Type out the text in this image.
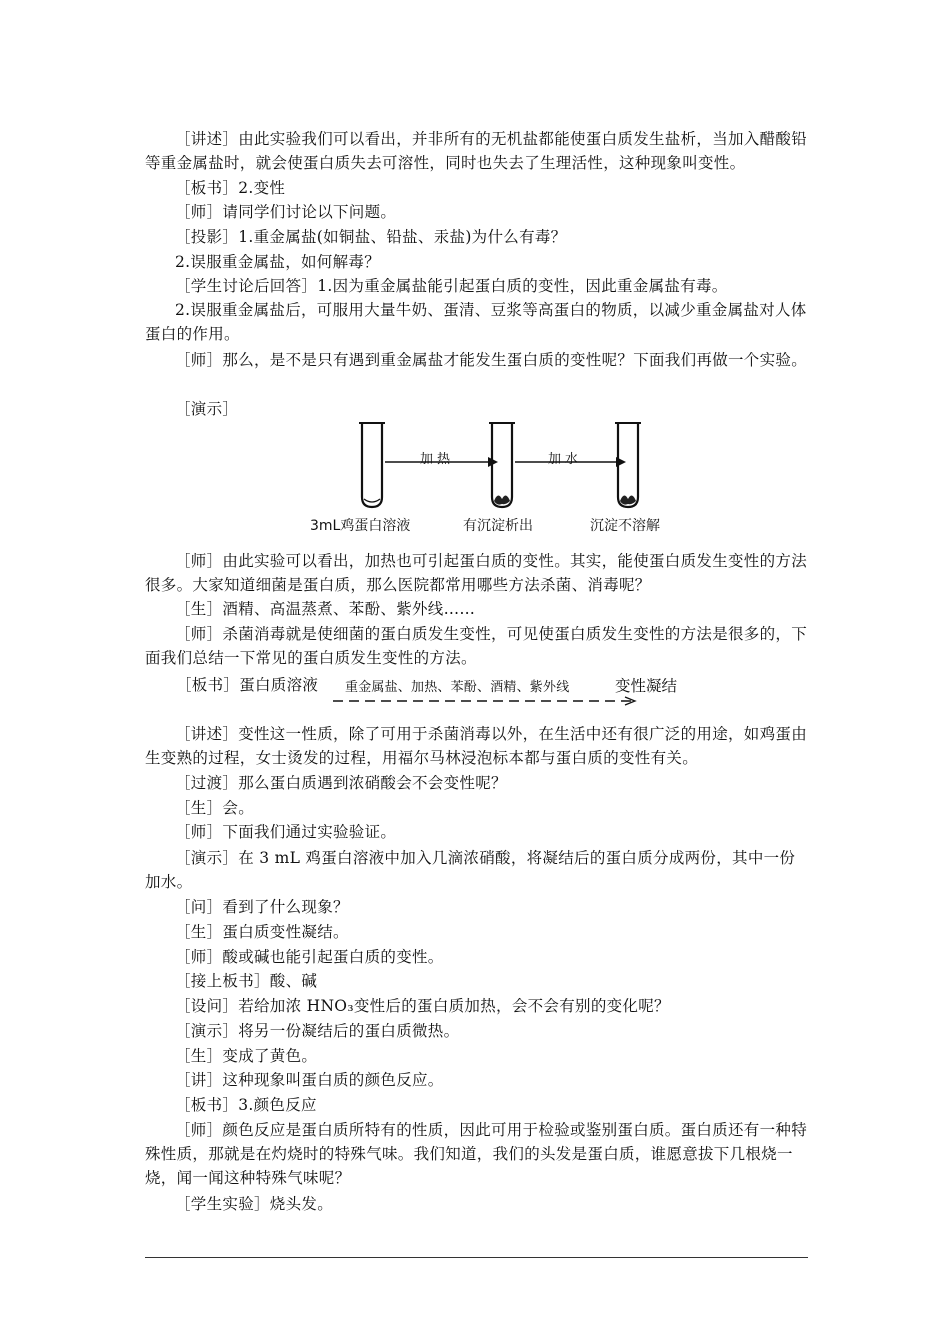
［讲述］由此实验我们可以看出，并非所有的无机盐都能使蛋白质发生盐析，当加入醋酸铅等重金属盐时，就会使蛋白质失去可溶性，同时也失去了生理活性，这种现象叫变性。

［板书］2.变性

［师］请同学们讨论以下问题。

［投影］1.重金属盐(如铜盐、铅盐、汞盐)为什么有毒？

2.误服重金属盐，如何解毒？

［学生讨论后回答］1.因为重金属盐能引起蛋白质的变性，因此重金属盐有毒。

2.误服重金属盐后，可服用大量牛奶、蛋清、豆浆等高蛋白的物质，以减少重金属盐对人体蛋白的作用。

［师］那么，是不是只有遇到重金属盐才能发生蛋白质的变性呢？下面我们再做一个实验。

［演示］

加热	加水
3mL鸡蛋白溶液	有沉淀析出	沉淀不溶解

［师］由此实验可以看出，加热也可引起蛋白质的变性。其实，能使蛋白质发生变性的方法很多。大家知道细菌是蛋白质，那么医院都常用哪些方法杀菌、消毒呢？

［生］酒精、高温蒸煮、苯酚、紫外线……

［师］杀菌消毒就是使细菌的蛋白质发生变性，可见使蛋白质发生变性的方法是很多的，下面我们总结一下常见的蛋白质发生变性的方法。

［板书］蛋白质溶液 重金属盐、加热、苯酚、酒精、紫外线	变性凝结

［讲述］变性这一性质，除了可用于杀菌消毒以外，在生活中还有很广泛的用途，如鸡蛋由生变熟的过程，女士烫发的过程，用福尔马林浸泡标本都与蛋白质的变性有关。

［过渡］那么蛋白质遇到浓硝酸会不会变性呢？

［生］会。

［师］下面我们通过实验验证。

［演示］在 3 mL 鸡蛋白溶液中加入几滴浓硝酸，将凝结后的蛋白质分成两份，其中一份加水。

［问］看到了什么现象？

［生］蛋白质变性凝结。

［师］酸或碱也能引起蛋白质的变性。

［接上板书］酸、碱

［设问］若给加浓 HNO₃变性后的蛋白质加热，会不会有别的变化呢？

［演示］将另一份凝结后的蛋白质微热。

［生］变成了黄色。

［讲］这种现象叫蛋白质的颜色反应。

［板书］3.颜色反应

［师］颜色反应是蛋白质所特有的性质，因此可用于检验或鉴别蛋白质。蛋白质还有一种特殊性质，那就是在灼烧时的特殊气味。我们知道，我们的头发是蛋白质，谁愿意拔下几根烧一烧，闻一闻这种特殊气味呢？

［学生实验］烧头发。
